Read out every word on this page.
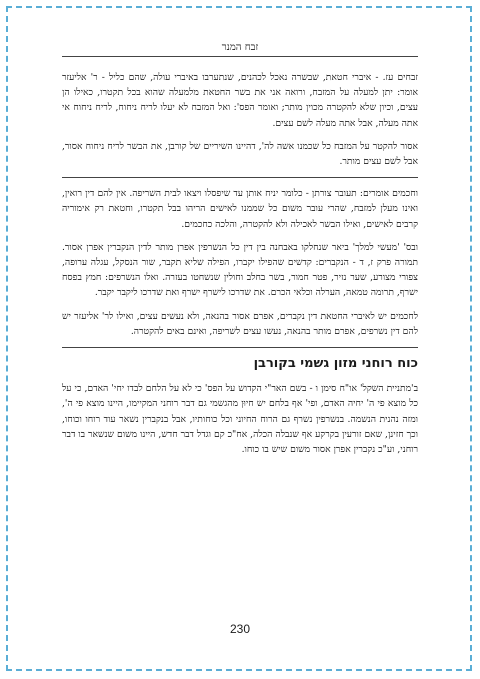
זבח המנר

זבחים עז. - איברי חטאת, שבשרה נאכל לכהנים, שנתערבו באיברי עולה, שהם כליל - ר' אליעזר אומר: יתן למעלה על המזבח, ורואה אני את בשר החטאת מלמעלה שהוא בכל תקטרו, כאילו הן עצים, וכיון שלא להקטרה מכוין מותר; ואומר הפס': ואל המזבח לא יעלו לריח ניחוח, לריח ניחוח אי אתה מעלה, אבל אתה מעלה לשם עצים.

אסור להקטר על המזבח כל שכמנו אשה לה', דהיינו השיריים של קורבן, את הבשר לריח ניחוח אסור, אבל לשם עצים מותר.

וחכמים אומרים: תעובר צורתן - כלומר יניח אותן עד שיפסלו ויצאו לבית השריפה. אין להם דין רואין, ואינו מעלן למזבח, שהרי עובר משום כל שממנו לאישים הריהו בבל תקטרו, וחטאת רק אימוריה קרבים לאישים, ואילו הבשר לאכילה ולא להקטרה, והלכה כחכמים.

ובס' 'מעשי למלך' ביאר שנחלקו באבחנה בין דין כל הנשרפין אפרן מותר לדין הנקברין אפרן אסור. תמורה פרק ז, ד - הנקברים: קדשים שהפילו יקברו, הפילה שליא תקבר, שור הנסקל, עגלה ערופה, צפורי מצורע, שער נזיר, פטר חמור, בשר בחלב וחולין שנשחטו בעזרה. ואלו הנשרפים: חמץ בפסח ישרף, תרומה טמאה, הערלה וכלאי הכרם. את שדרכו לישרף ישרף ואת שדרכו ליקבר יקבר.

לחכמים יש לאיברי החטאת דין נקברים, אפרם אסור בהנאה, ולא נעשים עצים, ואילו לר' אליעזר יש להם דין נשרפים, אפרם מותר בהנאה, נעשו עצים לשריפה, ואינם באים להקטרה.

כוח רוחני מזון גשמי בקורבן

ב'מתניית השקל' או"ח סימן ו - בשם האר"י הקדוש על הפס' כי לא על הלחם לבדו יחי' האדם, כי על כל מוצא פי ה' יחיה האדם, ופי' אף בלחם יש חיוּן מהגשמי גם דבר רוחני המקיימו, היינו מוצא פי ה', ומזה נהנית הנשמה. בנשרפין נשרף גם הרוח החיוני וכל כוחותיו, אבל בנקברין נשאר עוד רוחו וכוחו, וכך חזינן, שאם זורעין בקרקע אף שנבלה הכלה, אח"כ קם וגדל דבר חדש, היינו משום שנשאר בו דבר רוחני, וע"כ נקברין אפרן אסור משום שיש בו כוחו.

230
